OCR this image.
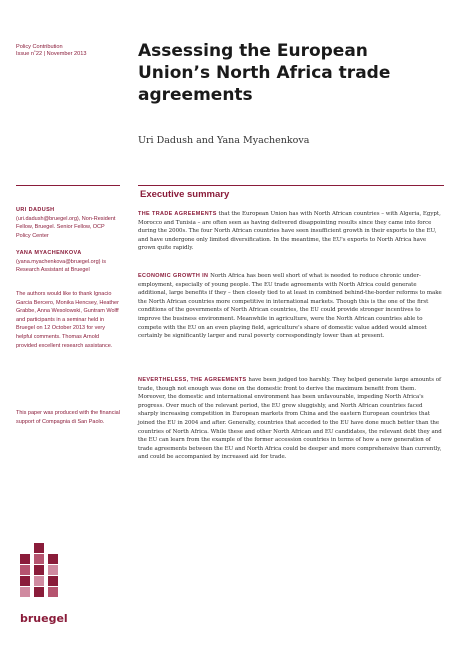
Policy Contribution
Issue n˚22 | November 2013	Assessing the European Union’s North Africa trade agreements
Uri Dadush and Yana Myachenkova
Executive summary
URI DADUSH (uri.dadush@bruegel.org), Non-Resident Fellow, Bruegel. Senior Fellow, OCP Policy Center
YANA MYACHENKOVA (yana.myachenkova@bruegel.org) is Research Assistant at Bruegel
The authors would like to thank Ignacio Garcia Bercero, Monika Hencsey, Heather Grabbe, Anna Wesolowski, Guntram Wolff and participants in a seminar held in Bruegel on 12 October 2013 for very helpful comments. Thomas Arnold provided excellent research assistance.
This paper was produced with the financial support of Compagnia di San Paolo.

THE TRADE AGREEMENTS that the European Union has with North African countries – with Algeria, Egypt, Morocco and Tunisia – are often seen as having delivered disappointing results since they came into force during the 2000s. The four North African countries have seen insufficient growth in their exports to the EU, and have undergone only limited diversification. In the meantime, the EU's exports to North Africa have grown quite rapidly.

ECONOMIC GROWTH IN North Africa has been well short of what is needed to reduce chronic under-employment, especially of young people. The EU trade agreements with North Africa could generate additional, large benefits if they – then closely tied to at least in combined behind-the-border reforms to make the North African countries more competitive in international markets. Though this is the one of the first conditions of the governments of North African countries, the EU could provide stronger incentives to improve the business environment. Meanwhile in agriculture, were the North African countries able to compete with the EU on an even playing field, agriculture's share of domestic value added would almost certainly be significantly larger and rural poverty correspondingly lower than at present.

NEVERTHELESS, THE AGREEMENTS have been judged too harshly. They helped generate large amounts of trade, though not enough was done on the domestic front to derive the maximum benefit from them. Moreover, the domestic and international environment has been unfavourable, impeding North Africa's progress. Over much of the relevant period, the EU grew sluggishly, and North African countries faced sharply increasing competition in European markets from China and the eastern European countries that joined the EU in 2004 and after. Generally, countries that acceded to the EU have done much better than the countries of North Africa. While these and other North African and EU candidates, the relevant debt they and the EU can learn from the example of the former accession countries in terms of how a new generation of trade agreements between the EU and North Africa could be deeper and more comprehensive than currently, and could be accompanied by increased aid for trade.

bruegel
